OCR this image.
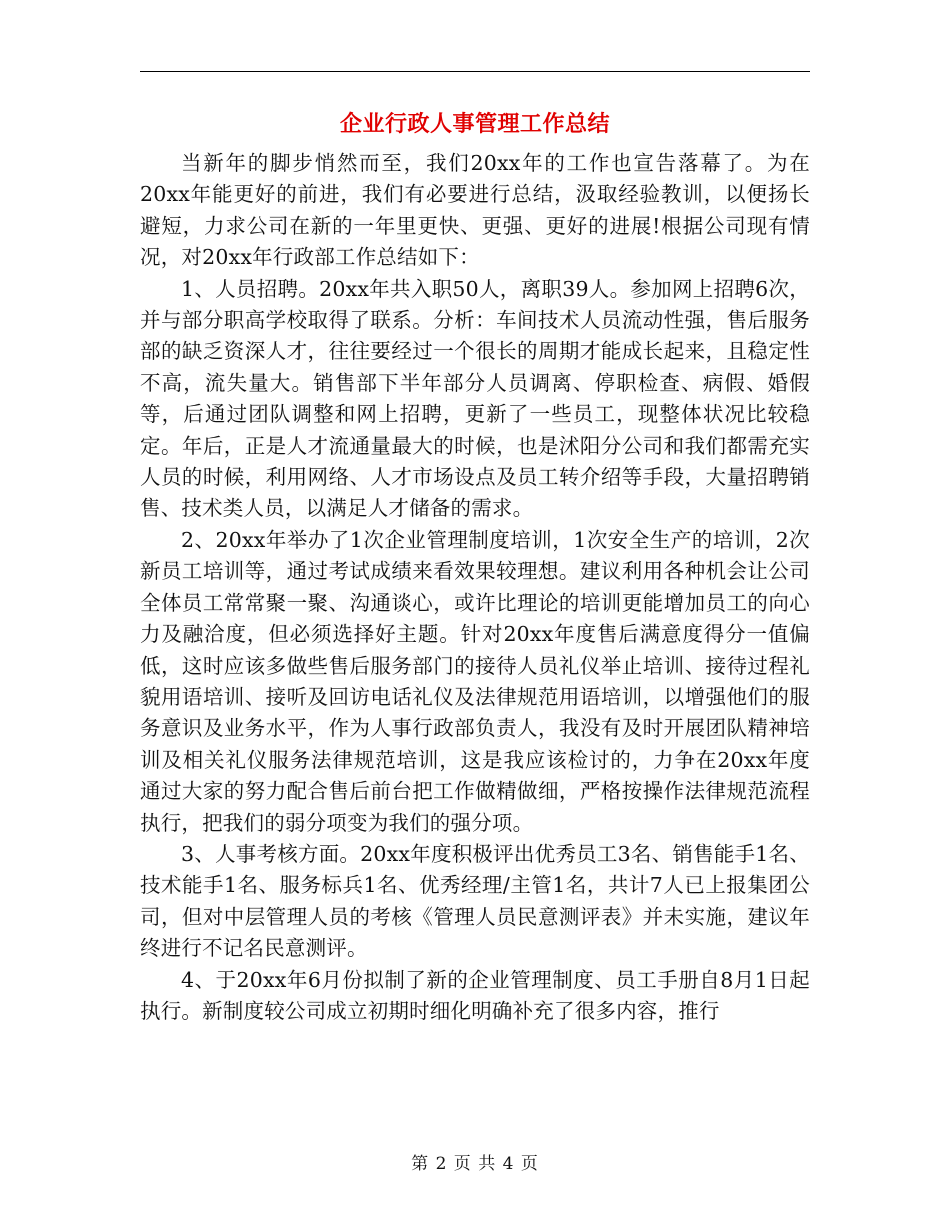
企业行政人事管理工作总结

当新年的脚步悄然而至，我们20xx年的工作也宣告落幕了。为在20xx年能更好的前进，我们有必要进行总结，汲取经验教训，以便扬长避短，力求公司在新的一年里更快、更强、更好的进展!根据公司现有情况，对20xx年行政部工作总结如下：

1、人员招聘。20xx年共入职50人，离职39人。参加网上招聘6次，并与部分职高学校取得了联系。分析：车间技术人员流动性强，售后服务部的缺乏资深人才，往往要经过一个很长的周期才能成长起来，且稳定性不高，流失量大。销售部下半年部分人员调离、停职检查、病假、婚假等，后通过团队调整和网上招聘，更新了一些员工，现整体状况比较稳定。年后，正是人才流通量最大的时候，也是沭阳分公司和我们都需充实人员的时候，利用网络、人才市场设点及员工转介绍等手段，大量招聘销售、技术类人员，以满足人才储备的需求。

2、20xx年举办了1次企业管理制度培训，1次安全生产的培训，2次新员工培训等，通过考试成绩来看效果较理想。建议利用各种机会让公司全体员工常常聚一聚、沟通谈心，或许比理论的培训更能增加员工的向心力及融洽度，但必须选择好主题。针对20xx年度售后满意度得分一值偏低，这时应该多做些售后服务部门的接待人员礼仪举止培训、接待过程礼貌用语培训、接听及回访电话礼仪及法律规范用语培训，以增强他们的服务意识及业务水平，作为人事行政部负责人，我没有及时开展团队精神培训及相关礼仪服务法律规范培训，这是我应该检讨的，力争在20xx年度通过大家的努力配合售后前台把工作做精做细，严格按操作法律规范流程执行，把我们的弱分项变为我们的强分项。

3、人事考核方面。20xx年度积极评出优秀员工3名、销售能手1名、技术能手1名、服务标兵1名、优秀经理/主管1名，共计7人已上报集团公司，但对中层管理人员的考核《管理人员民意测评表》并未实施，建议年终进行不记名民意测评。

4、于20xx年6月份拟制了新的企业管理制度、员工手册自8月1日起执行。新制度较公司成立初期时细化明确补充了很多内容，推行

第 2 页 共 4 页
